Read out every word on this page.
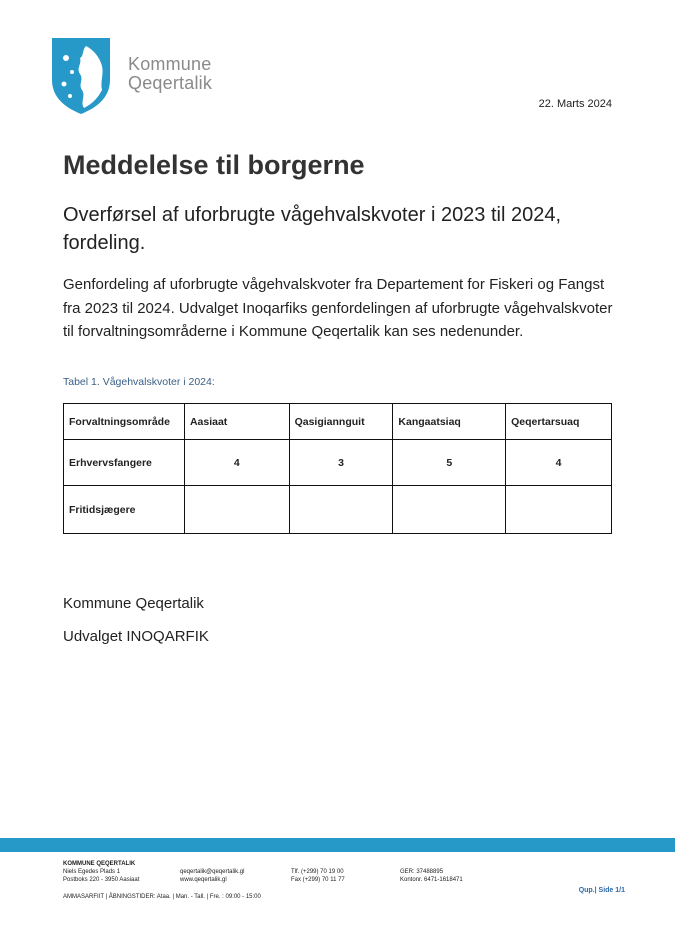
Kommune
Qeqertalik
22. Marts 2024
Meddelelse til borgerne

Overførsel af uforbrugte vågehvalskvoter i 2023 til 2024, fordeling.

Genfordeling af uforbrugte vågehvalskvoter fra Departement for Fiskeri og Fangst fra 2023 til 2024. Udvalget Inoqarfiks genfordelingen af uforbrugte vågehvalskvoter til forvaltningsområderne i Kommune Qeqertalik kan ses nedenunder.

Tabel 1. Vågehvalskvoter i 2024:
Forvaltningsområde	Aasiaat	Qasigiannguit	Kangaatsiaq	Qeqertarsuaq
Erhvervsfangere	4	3	5	4
Fritidsjægere				
Kommune Qeqertalik
Udvalget INOQARFIK
KOMMUNE QEQERTALIK
Niels Egedes Plads 1
Postboks 220 - 3950 Aasiaat

qeqertalik@qeqertalik.gl
www.qeqertalik.gl

Tlf. (+299) 70 19 00
Fax (+299) 70 11 77

GER: 37488895
Kontonr. 6471-1618471
AMMASARFIIT | ÅBNINGSTIDER: Ataa. | Man. - Tall. | Fre. : 09:00 - 15:00
Qup.| Side 1/1
